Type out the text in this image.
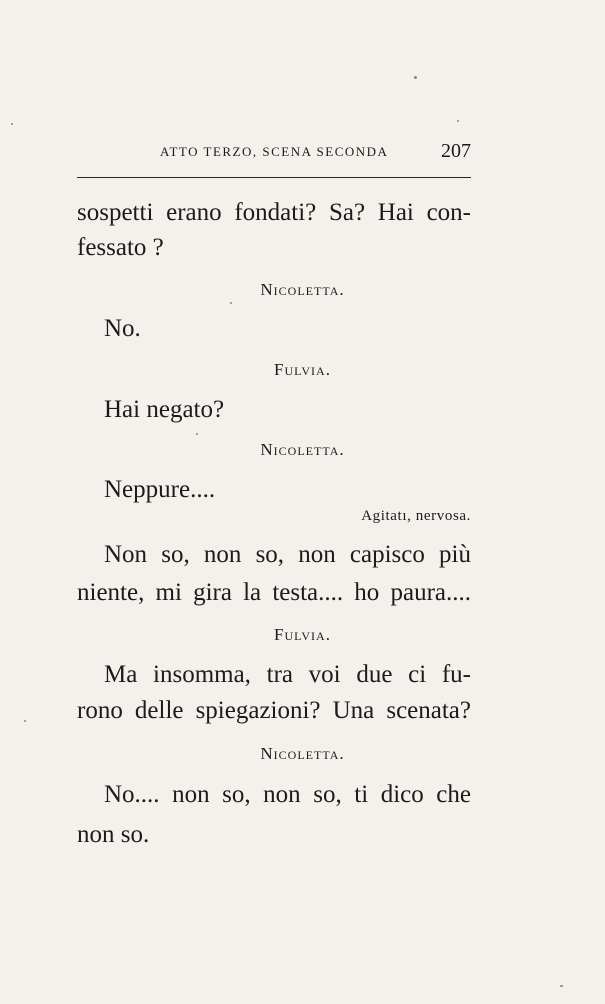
ATTO TERZO, SCENA SECONDA	207
sospetti erano fondati? Sa? Hai con-
fessato ?
Nicoletta.
No.
Fulvia.
Hai negato?
Nicoletta.
Neppure....
Agitatı, nervosa.
Non so, non so, non capisco più
niente, mi gira la testa.... ho paura....
Fulvia.
Ma insomma, tra voi due ci fu-
rono delle spiegazioni? Una scenata?
Nicoletta.
No.... non so, non so, ti dico che
non so.
